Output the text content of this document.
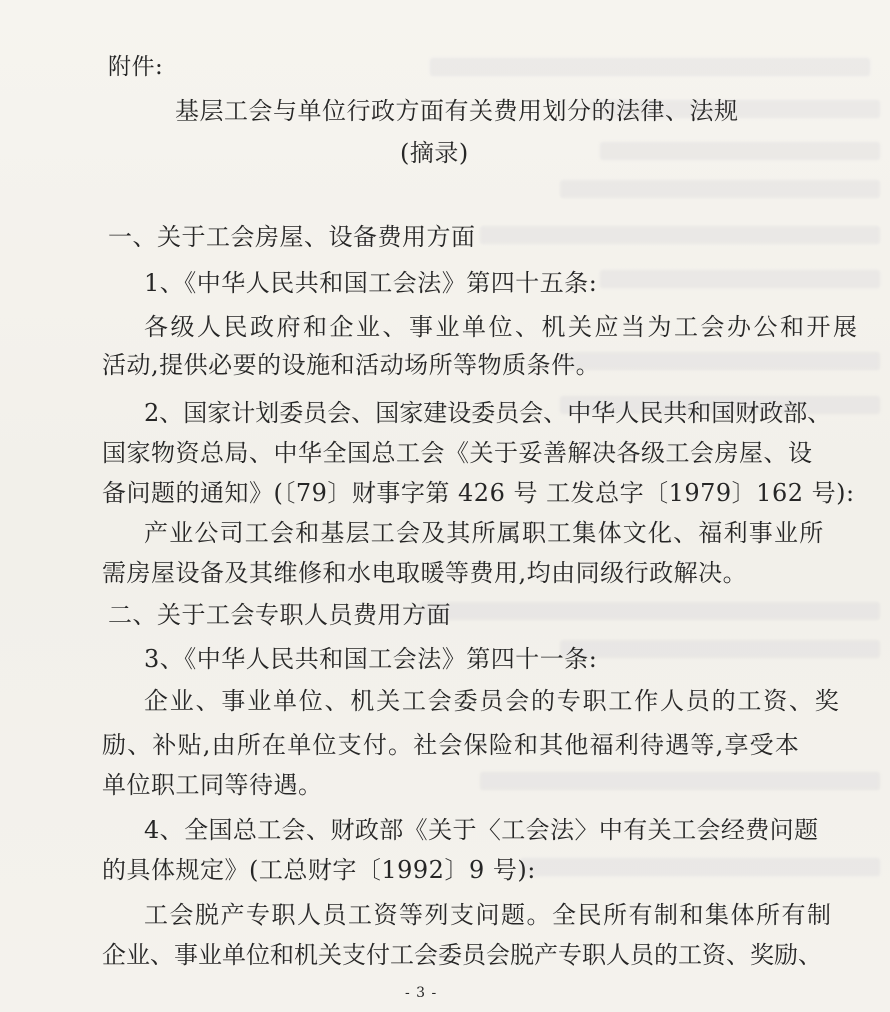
附件:
基层工会与单位行政方面有关费用划分的法律、法规
(摘录)
一、关于工会房屋、设备费用方面
1、《中华人民共和国工会法》第四十五条:
各级人民政府和企业、事业单位、机关应当为工会办公和开展
活动,提供必要的设施和活动场所等物质条件。
2、国家计划委员会、国家建设委员会、中华人民共和国财政部、
国家物资总局、中华全国总工会《关于妥善解决各级工会房屋、设
备问题的通知》(〔79〕财事字第 426 号 工发总字〔1979〕162 号):
产业公司工会和基层工会及其所属职工集体文化、福利事业所
需房屋设备及其维修和水电取暖等费用,均由同级行政解决。
二、关于工会专职人员费用方面
3、《中华人民共和国工会法》第四十一条:
企业、事业单位、机关工会委员会的专职工作人员的工资、奖
励、补贴,由所在单位支付。社会保险和其他福利待遇等,享受本
单位职工同等待遇。
4、全国总工会、财政部《关于〈工会法〉中有关工会经费问题
的具体规定》(工总财字〔1992〕9 号):
工会脱产专职人员工资等列支问题。全民所有制和集体所有制
企业、事业单位和机关支付工会委员会脱产专职人员的工资、奖励、
- 3 -
